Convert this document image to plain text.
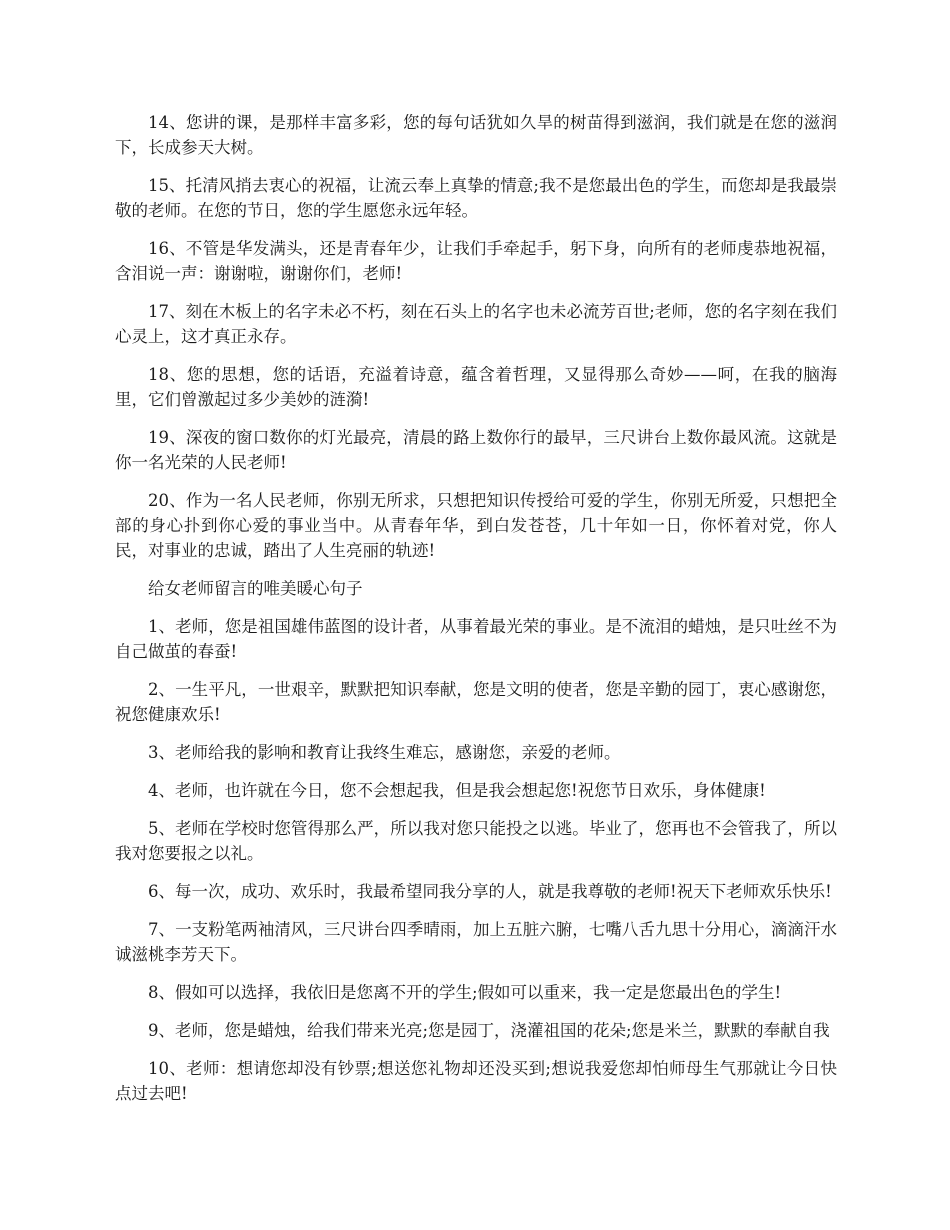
14、您讲的课，是那样丰富多彩，您的每句话犹如久旱的树苗得到滋润，我们就是在您的滋润下，长成参天大树。

15、托清风捎去衷心的祝福，让流云奉上真挚的情意;我不是您最出色的学生，而您却是我最崇敬的老师。在您的节日，您的学生愿您永远年轻。

16、不管是华发满头，还是青春年少，让我们手牵起手，躬下身，向所有的老师虔恭地祝福，含泪说一声：谢谢啦，谢谢你们，老师!

17、刻在木板上的名字未必不朽，刻在石头上的名字也未必流芳百世;老师，您的名字刻在我们心灵上，这才真正永存。

18、您的思想，您的话语，充溢着诗意，蕴含着哲理，又显得那么奇妙——呵，在我的脑海里，它们曾激起过多少美妙的涟漪!

19、深夜的窗口数你的灯光最亮，清晨的路上数你行的最早，三尺讲台上数你最风流。这就是你一名光荣的人民老师!

20、作为一名人民老师，你别无所求，只想把知识传授给可爱的学生，你别无所爱，只想把全部的身心扑到你心爱的事业当中。从青春年华，到白发苍苍，几十年如一日，你怀着对党，你人民，对事业的忠诚，踏出了人生亮丽的轨迹!

给女老师留言的唯美暖心句子

1、老师，您是祖国雄伟蓝图的设计者，从事着最光荣的事业。是不流泪的蜡烛，是只吐丝不为自己做茧的春蚕!

2、一生平凡，一世艰辛，默默把知识奉献，您是文明的使者，您是辛勤的园丁，衷心感谢您，祝您健康欢乐!

3、老师给我的影响和教育让我终生难忘，感谢您，亲爱的老师。

4、老师，也许就在今日，您不会想起我，但是我会想起您!祝您节日欢乐，身体健康!

5、老师在学校时您管得那么严，所以我对您只能投之以逃。毕业了，您再也不会管我了，所以我对您要报之以礼。

6、每一次，成功、欢乐时，我最希望同我分享的人，就是我尊敬的老师!祝天下老师欢乐快乐!

7、一支粉笔两袖清风，三尺讲台四季晴雨，加上五脏六腑，七嘴八舌九思十分用心，滴滴汗水诚滋桃李芳天下。

8、假如可以选择，我依旧是您离不开的学生;假如可以重来，我一定是您最出色的学生!

9、老师，您是蜡烛，给我们带来光亮;您是园丁，浇灌祖国的花朵;您是米兰，默默的奉献自我

10、老师：想请您却没有钞票;想送您礼物却还没买到;想说我爱您却怕师母生气那就让今日快点过去吧!
